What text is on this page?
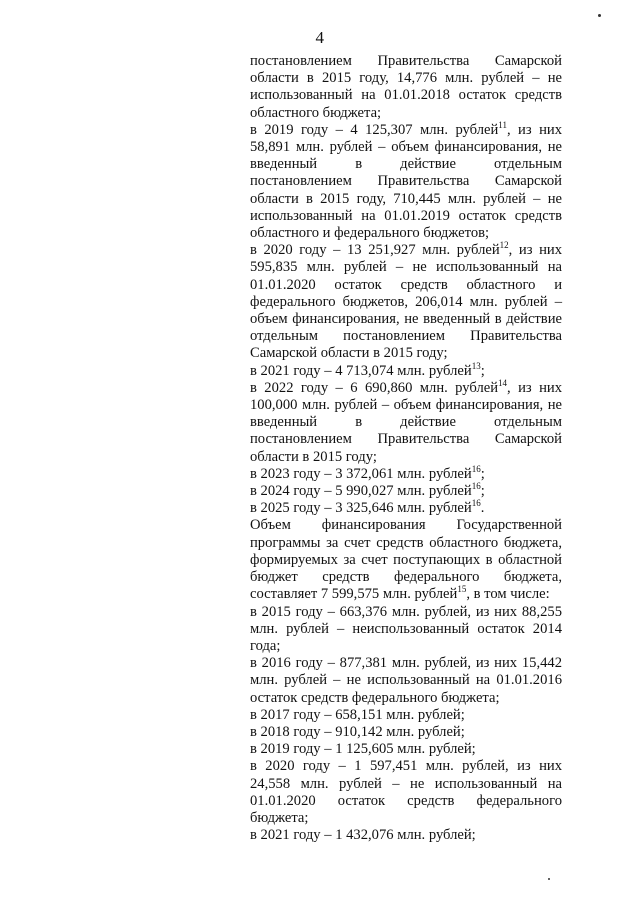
4

постановлением Правительства Самарской области в 2015 году, 14,776 млн. рублей – не использованный на 01.01.2018 остаток средств областного бюджета;

в 2019 году – 4 125,307 млн. рублей$^{11}$, из них 58,891 млн. рублей – объем финансирования, не введенный в действие отдельным постановлением Правительства Самарской области в 2015 году, 710,445 млн. рублей – не использованный на 01.01.2019 остаток средств областного и федерального бюджетов;

в 2020 году – 13 251,927 млн. рублей$^{12}$, из них 595,835 млн. рублей – не использованный на 01.01.2020 остаток средств областного и федерального бюджетов, 206,014 млн. рублей – объем финансирования, не введенный в действие отдельным постановлением Правительства Самарской области в 2015 году;

в 2021 году – 4 713,074 млн. рублей$^{13}$;

в 2022 году – 6 690,860 млн. рублей$^{14}$, из них 100,000 млн. рублей – объем финансирования, не введенный в действие отдельным постановлением Правительства Самарской области в 2015 году;

в 2023 году – 3 372,061 млн. рублей$^{16}$;

в 2024 году – 5 990,027 млн. рублей$^{16}$;

в 2025 году – 3 325,646 млн. рублей$^{16}$.

Объем финансирования Государственной программы за счет средств областного бюджета, формируемых за счет поступающих в областной бюджет средств федерального бюджета, составляет 7 599,575 млн. рублей$^{15}$, в том числе:

в 2015 году – 663,376 млн. рублей, из них 88,255 млн. рублей – неиспользованный остаток 2014 года;

в 2016 году – 877,381 млн. рублей, из них 15,442 млн. рублей – не использованный на 01.01.2016 остаток средств федерального бюджета;

в 2017 году – 658,151 млн. рублей;

в 2018 году – 910,142 млн. рублей;

в 2019 году – 1 125,605 млн. рублей;

в 2020 году – 1 597,451 млн. рублей, из них 24,558 млн. рублей – не использованный на 01.01.2020 остаток средств федерального бюджета;

в 2021 году – 1 432,076 млн. рублей;
